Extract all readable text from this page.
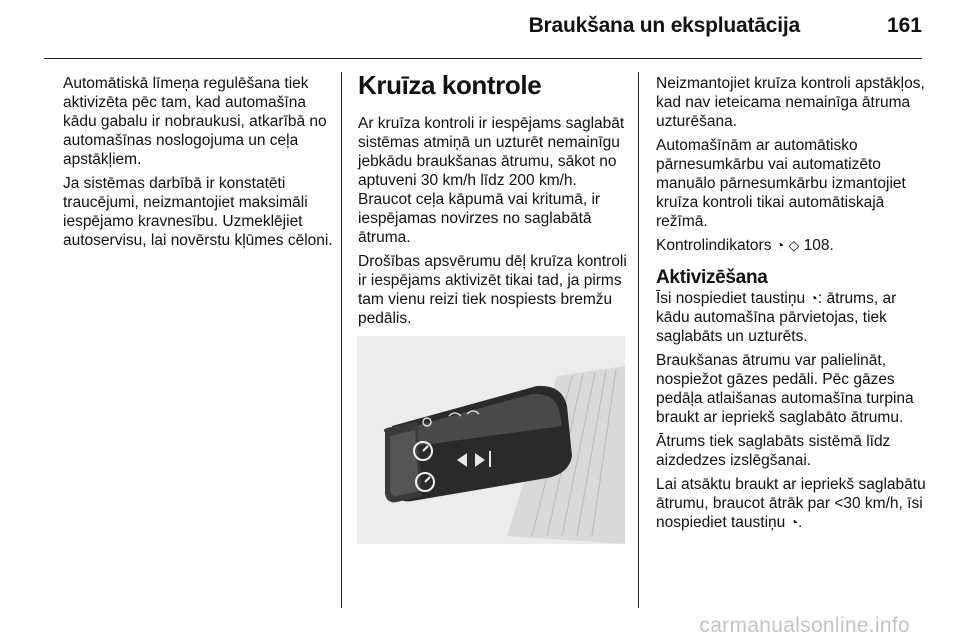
Braukšana un ekspluatācija	161

Automātiskā līmeņa regulēšana tiek aktivizēta pēc tam, kad automašīna kādu gabalu ir nobraukusi, atkarībā no automašīnas noslogojuma un ceļa apstākļiem.

Ja sistēmas darbībā ir konstatēti traucējumi, neizmantojiet maksimāli iespējamo kravnesību. Uzmeklējiet autoservisu, lai novērstu kļūmes cēloni.

Kruīza kontrole

Ar kruīza kontroli ir iespējams saglabāt sistēmas atmiņā un uzturēt nemainīgu jebkādu braukšanas ātrumu, sākot no aptuveni 30 km/h līdz 200 km/h. Braucot ceļa kāpumā vai kritumā, ir iespējamas novirzes no saglabātā ātruma.

Drošības apsvērumu dēļ kruīza kontroli ir iespējams aktivizēt tikai tad, ja pirms tam vienu reizi tiek nospiests bremžu pedālis.

Neizmantojiet kruīza kontroli apstākļos, kad nav ieteicama nemainīga ātruma uzturēšana.

Automašīnām ar automātisko pārnesumkārbu vai automatizēto manuālo pārnesumkārbu izmantojiet kruīza kontroli tikai automātiskajā režīmā.

Kontrolindikators ◔ ◇ 108.

Aktivizēšana

Īsi nospiediet taustiņu ◔: ātrums, ar kādu automašīna pārvietojas, tiek saglabāts un uzturēts.

Braukšanas ātrumu var palielināt, nospiežot gāzes pedāli. Pēc gāzes pedāļa atlaišanas automašīna turpina braukt ar iepriekš saglabāto ātrumu.

Ātrums tiek saglabāts sistēmā līdz aizdedzes izslēgšanai.

Lai atsāktu braukt ar iepriekš saglabātu ātrumu, braucot ātrāk par <30 km/h, īsi nospiediet taustiņu ◔.

carmanualsonline.info
